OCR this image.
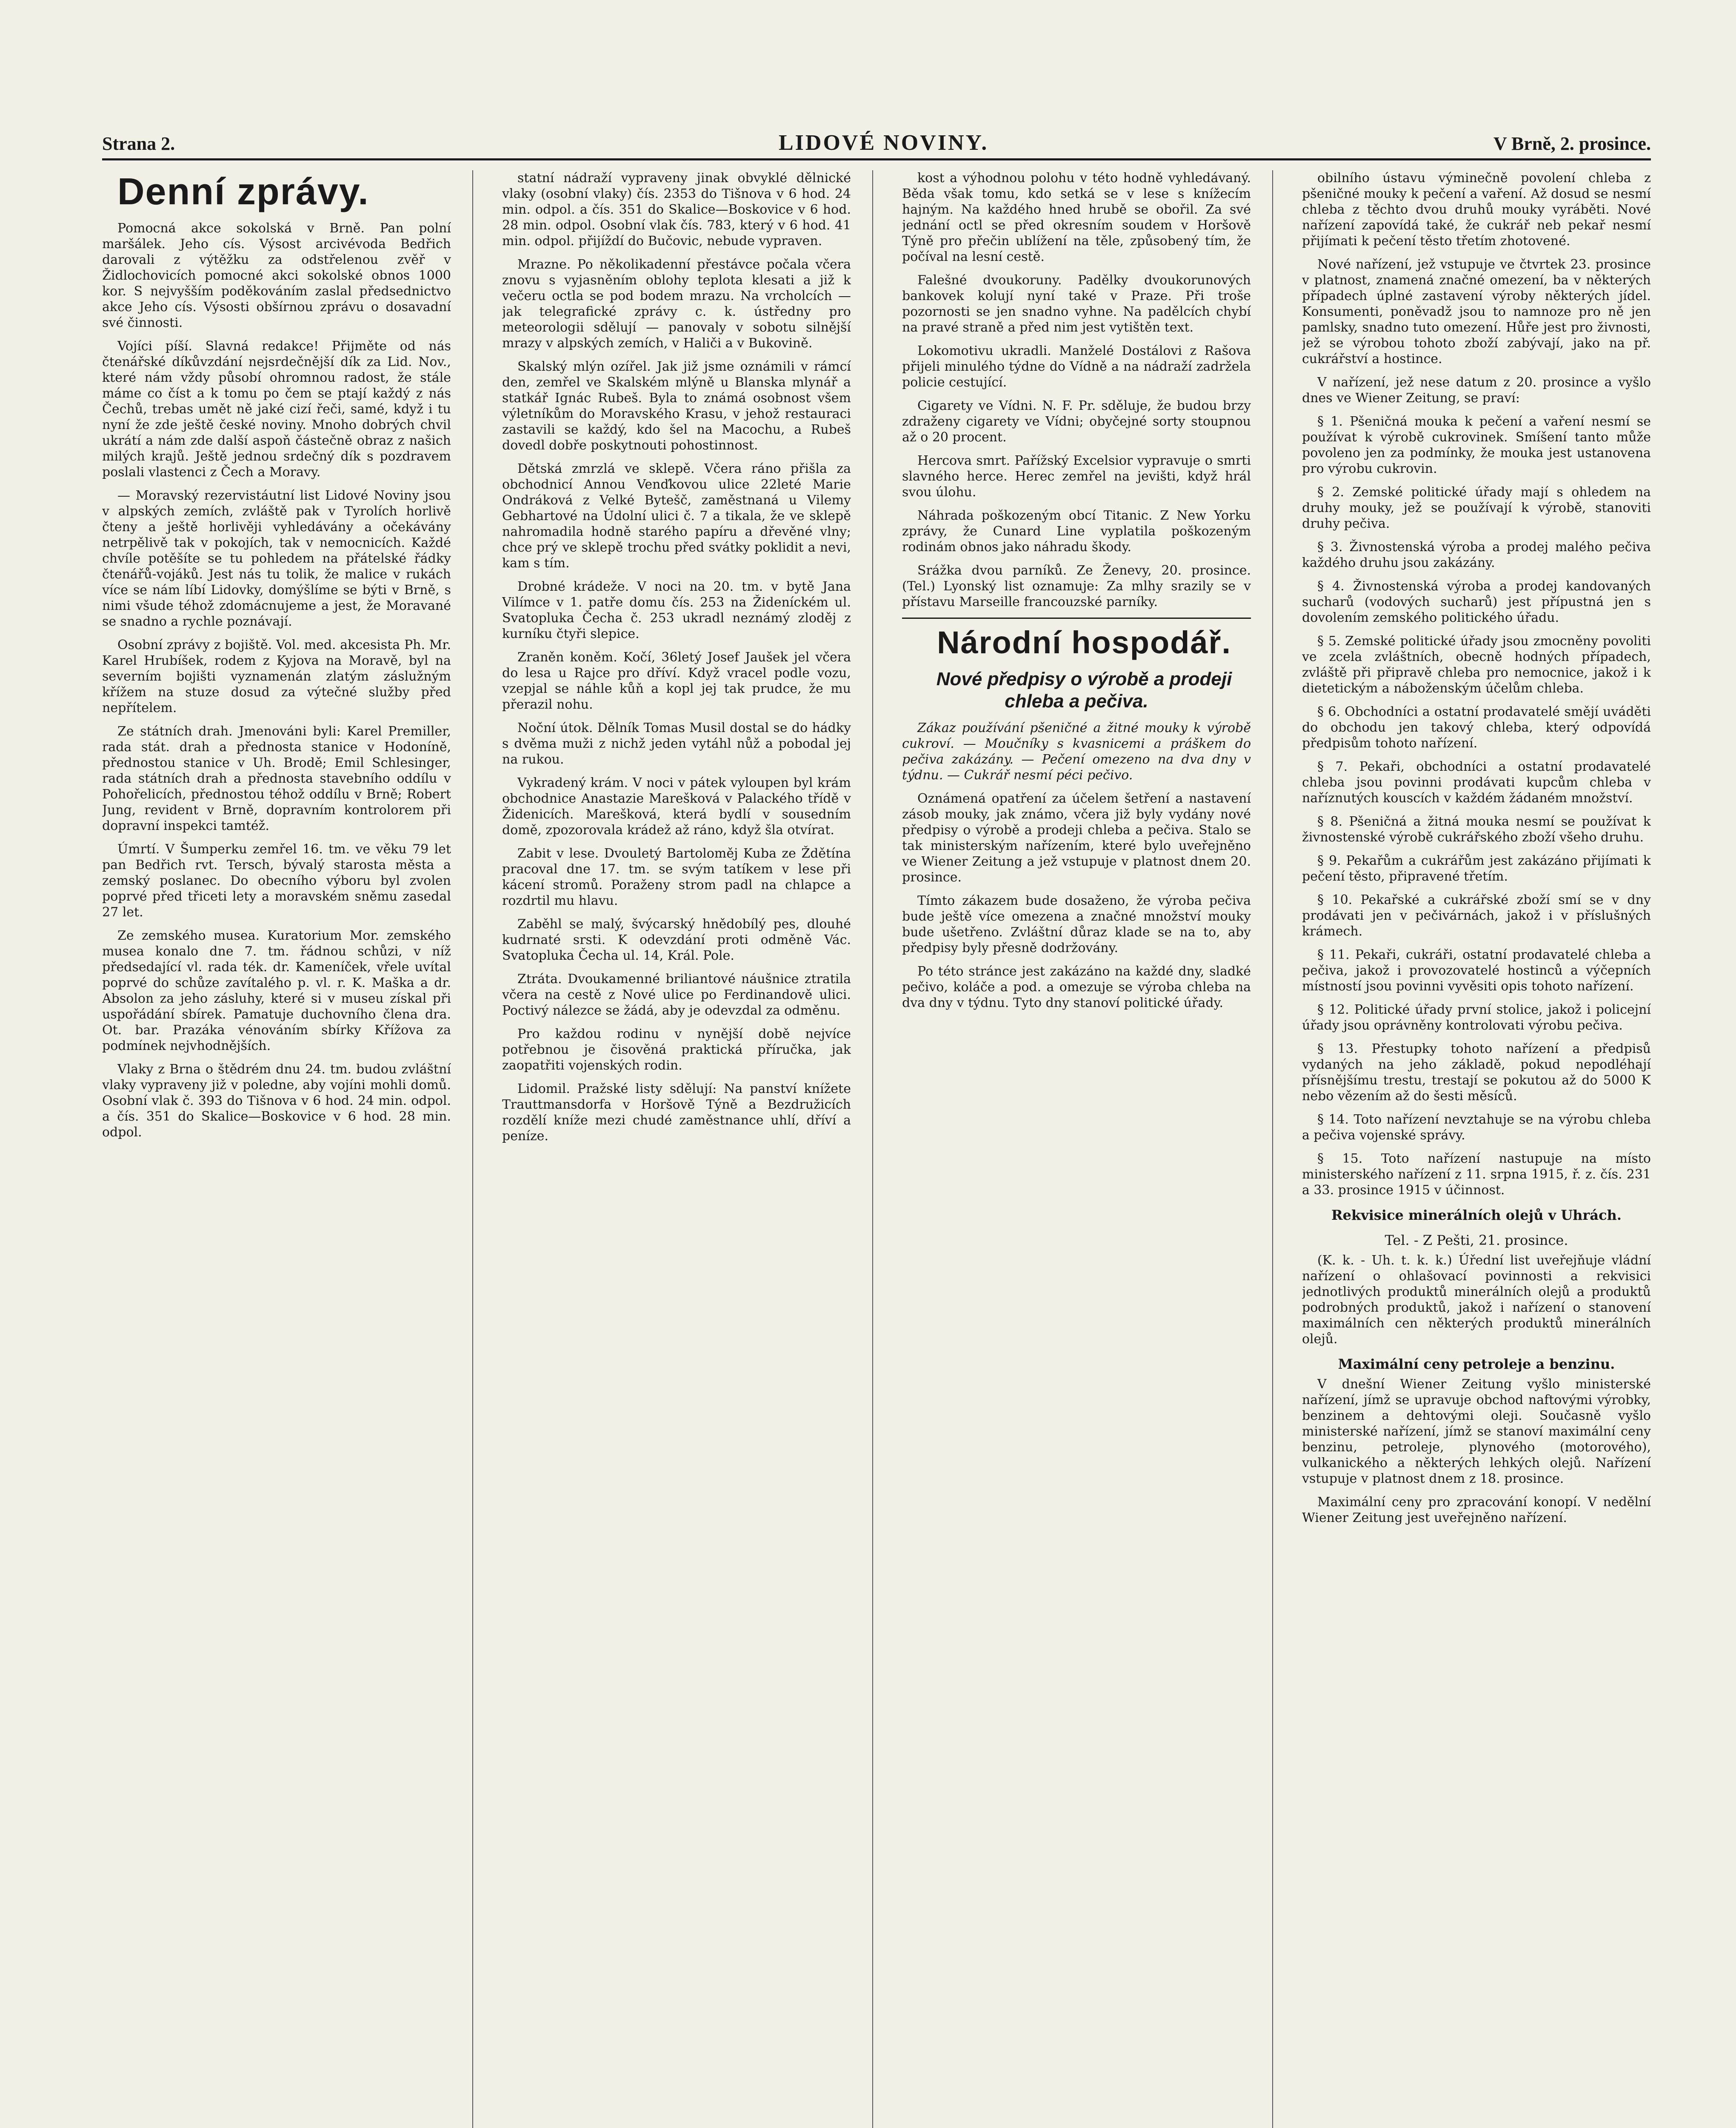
Strana 2.	LIDOVÉ NOVINY.	V Brně, 2. prosince.

Denní zprávy.

Pomocná akce sokolská v Brně. Pan polní maršálek. Jeho cís. Výsost arcivévoda Bedřich darovali z výtěžku za odstřelenou zvěř v Židlochovicích pomocné akci sokolské obnos 1000 kor. S nejvyšším poděkováním zaslal předsednictvo akce Jeho cís. Výsosti obšírnou zprávu o dosavadní své činnosti.

Vojíci píší. Slavná redakce! Přijměte od nás čtenářské díkůvzdání nejsrdečnější dík za Lid. Nov., které nám vždy působí ohromnou radost, že stále máme co číst a k tomu po čem se ptají každý z nás Čechů, trebas umět ně jaké cizí řeči, samé, když i tu nyní že zde ještě české noviny. Mnoho dobrých chvil ukrátí a nám zde další aspoň částečně obraz z našich milých krajů. Ještě jednou srdečný dík s pozdravem poslali vlastenci z Čech a Moravy.

— Moravský rezervistáutní list Lidové Noviny jsou v alpských zemích, zvláště pak v Tyrolích horlivě čteny a ještě horlivěji vyhledávány a očekávány netrpělivě tak v pokojích, tak v nemocnicích. Každé chvíle potěšíte se tu pohledem na přátelské řádky čtenářů-vojáků. Jest nás tu tolik, že malice v rukách více se nám líbí Lidovky, domýšlíme se býti v Brně, s nimi všude téhož zdomácnujeme a jest, že Moravané se snadno a rychle poznávají.

Osobní zprávy z bojiště. Vol. med. akcesista Ph. Mr. Karel Hrubíšek, rodem z Kyjova na Moravě, byl na severním bojišti vyznamenán zlatým záslužným křížem na stuze dosud za výtečné služby před nepřítelem.

Ze státních drah. Jmenováni byli: Karel Premiller, rada stát. drah a přednosta stanice v Hodoníně, přednostou stanice v Uh. Brodě; Emil Schlesinger, rada státních drah a přednosta stavebního oddílu v Pohořelicích, přednostou téhož oddílu v Brně; Robert Jung, revident v Brně, dopravním kontrolorem při dopravní inspekci tamtéž.

Úmrtí. V Šumperku zemřel 16. tm. ve věku 79 let pan Bedřich rvt. Tersch, bývalý starosta města a zemský poslanec. Do obecního výboru byl zvolen poprvé před třiceti lety a moravském sněmu zasedal 27 let.

Ze zemského musea. Kuratorium Mor. zemského musea konalo dne 7. tm. řádnou schůzi, v níž předsedající vl. rada ték. dr. Kameníček, vřele uvítal poprvé do schůze zavítalého p. vl. r. K. Maška a dr. Absolon za jeho zásluhy, které si v museu získal při uspořádání sbírek. Pamatuje duchovního člena dra. Ot. bar. Prazáka vénováním sbírky Křížova za podmínek nejvhodnějších.

Vlaky z Brna o štědrém dnu 24. tm. budou zvláštní vlaky vypraveny již v poledne, aby vojíni mohli domů. Osobní vlak č. 393 do Tišnova v 6 hod. 24 min. odpol. a čís. 351 do Skalice—Boskovice v 6 hod. 28 min. odpol.

statní nádraží vypraveny jinak obvyklé dělnické vlaky (osobní vlaky) čís. 2353 do Tišnova v 6 hod. 24 min. odpol. a čís. 351 do Skalice—Boskovice v 6 hod. 28 min. odpol. Osobní vlak čís. 783, který v 6 hod. 41 min. odpol. přijíždí do Bučovic, nebude vypraven.

Mrazne. Po několikadenní přestávce počala včera znovu s vyjasněním oblohy teplota klesati a již k večeru octla se pod bodem mrazu. Na vrcholcích — jak telegrafické zprávy c. k. ústředny pro meteorologii sdělují — panovaly v sobotu silnější mrazy v alpských zemích, v Haliči a v Bukovině.

Skalský mlýn ozířel. Jak již jsme oznámili v rámcí den, zemřel ve Skalském mlýně u Blanska mlynář a statkář Ignác Rubeš. Byla to známá osobnost všem výletníkům do Moravského Krasu, v jehož restauraci zastavili se každý, kdo šel na Macochu, a Rubeš dovedl dobře poskytnouti pohostinnost.

Dětská zmrzlá ve sklepě. Včera ráno přišla za obchodnicí Annou Venďkovou ulice 22leté Marie Ondráková z Velké Bytešč, zaměstnaná u Vilemy Gebhartové na Údolní ulici č. 7 a tikala, že ve sklepě nahromadila hodně starého papíru a dřevěné vlny; chce prý ve sklepě trochu před svátky poklidit a nevi, kam s tím.

Drobné krádeže. V noci na 20. tm. v bytě Jana Vilímce v 1. patře domu čís. 253 na Žideníckém ul. Svatopluka Čecha č. 253 ukradl neznámý zloděj z kurníku čtyři slepice.

Zraněn koněm. Kočí, 36letý Josef Jaušek jel včera do lesa u Rajce pro dříví. Když vracel podle vozu, vzepjal se náhle kůň a kopl jej tak prudce, že mu přerazil nohu.

Noční útok. Dělník Tomas Musil dostal se do hádky s dvěma muži z nichž jeden vytáhl nůž a pobodal jej na rukou.

Vykradený krám. V noci v pátek vyloupen byl krám obchodnice Anastazie Marešková v Palackého třídě v Židenicích. Marešková, která bydlí v sousedním domě, zpozorovala krádež až ráno, když šla otvírat.

Zabit v lese. Dvouletý Bartoloměj Kuba ze Ždětína pracoval dne 17. tm. se svým tatíkem v lese při kácení stromů. Poraženy strom padl na chlapce a rozdrtil mu hlavu.

Zaběhl se malý, švýcarský hnědobílý pes, dlouhé kudrnaté srsti. K odevzdání proti odměně Vác. Svatopluka Čecha ul. 14, Král. Pole.

Ztráta. Dvoukamenné briliantové náušnice ztratila včera na cestě z Nové ulice po Ferdinandově ulici. Poctivý nálezce se žádá, aby je odevzdal za odměnu.

Pro každou rodinu v nynější době nejvíce potřebnou je čisověná praktická příručka, jak zaopatřiti vojenských rodin.

Lidomil. Pražské listy sdělují: Na panství knížete Trauttmansdorfa v Horšově Týně a Bezdružicích rozdělí kníže mezi chudé zaměstnance uhlí, dříví a peníze.

kost a výhodnou polohu v této hodně vyhledávaný. Běda však tomu, kdo setká se v lese s knížecím hajným. Na každého hned hrubě se obořil. Za své jednání octl se před okresním soudem v Horšově Týně pro přečin ublížení na těle, způsobený tím, že počíval na lesní cestě.

Falešné dvoukoruny. Padělky dvoukorunových bankovek kolují nyní také v Praze. Při troše pozornosti se jen snadno vyhne. Na padělcích chybí na pravé straně a před nim jest vytištěn text.

Lokomotivu ukradli. Manželé Dostálovi z Rašova přijeli minulého týdne do Vídně a na nádraží zadržela policie cestující.

Cigarety ve Vídni. N. F. Pr. sděluje, že budou brzy zdraženy cigarety ve Vídni; obyčejné sorty stoupnou až o 20 procent.

Hercova smrt. Pařížský Excelsior vypravuje o smrti slavného herce. Herec zemřel na jevišti, když hrál svou úlohu.

Náhrada poškozeným obcí Titanic. Z New Yorku zprávy, že Cunard Line vyplatila poškozeným rodinám obnos jako náhradu škody.

Srážka dvou parníků. Ze Ženevy, 20. prosince. (Tel.) Lyonský list oznamuje: Za mlhy srazily se v přístavu Marseille francouzské parníky.

Národní hospodář.

Nové předpisy o výrobě a prodeji chleba a pečiva.

Zákaz používání pšeničné a žitné mouky k výrobě cukroví. — Moučníky s kvasnicemi a práškem do pečiva zakázány. — Pečení omezeno na dva dny v týdnu. — Cukrář nesmí péci pečivo.

Oznámená opatření za účelem šetření a nastavení zásob mouky, jak známo, včera již byly vydány nové předpisy o výrobě a prodeji chleba a pečiva. Stalo se tak ministerským nařízením, které bylo uveřejněno ve Wiener Zeitung a jež vstupuje v platnost dnem 20. prosince.

Tímto zákazem bude dosaženo, že výroba pečiva bude ještě více omezena a značné množství mouky bude ušetřeno. Zvláštní důraz klade se na to, aby předpisy byly přesně dodržovány.

Po této stránce jest zakázáno na každé dny, sladké pečivo, koláče a pod. a omezuje se výroba chleba na dva dny v týdnu. Tyto dny stanoví politické úřady.

obilního ústavu výminečně povolení chleba z pšeničné mouky k pečení a vaření. Až dosud se nesmí chleba z těchto dvou druhů mouky vyráběti. Nové nařízení zapovídá také, že cukrář neb pekař nesmí přijímati k pečení těsto třetím zhotovené.

Nové nařízení, jež vstupuje ve čtvrtek 23. prosince v platnost, znamená značné omezení, ba v některých případech úplné zastavení výroby některých jídel. Konsumenti, poněvadž jsou to namnoze pro ně jen pamlsky, snadno tuto omezení. Hůře jest pro živnosti, jež se výrobou tohoto zboží zabývají, jako na př. cukrářství a hostince.

V nařízení, jež nese datum z 20. prosince a vyšlo dnes ve Wiener Zeitung, se praví:

§ 1. Pšeničná mouka k pečení a vaření nesmí se používat k výrobě cukrovinek. Smíšení tanto může povoleno jen za podmínky, že mouka jest ustanovena pro výrobu cukrovin.

§ 2. Zemské politické úřady mají s ohledem na druhy mouky, jež se používají k výrobě, stanoviti druhy pečiva.

§ 3. Živnostenská výroba a prodej malého pečiva každého druhu jsou zakázány.

§ 4. Živnostenská výroba a prodej kandovaných sucharů (vodových sucharů) jest přípustná jen s dovolením zemského politického úřadu.

§ 5. Zemské politické úřady jsou zmocněny povoliti ve zcela zvláštních, obecně hodných případech, zvláště při připravě chleba pro nemocnice, jakož i k dietetickým a náboženským účelům chleba.

§ 6. Obchodníci a ostatní prodavatelé smějí uváděti do obchodu jen takový chleba, který odpovídá předpisům tohoto nařízení.

§ 7. Pekaři, obchodníci a ostatní prodavatelé chleba jsou povinni prodávati kupcům chleba v naříznutých kouscích v každém žádaném množství.

§ 8. Pšeničná a žitná mouka nesmí se používat k živnostenské výrobě cukrářského zboží všeho druhu.

§ 9. Pekařům a cukrářům jest zakázáno přijímati k pečení těsto, připravené třetím.

§ 10. Pekařské a cukrářské zboží smí se v dny prodávati jen v pečivárnách, jakož i v příslušných krámech.

§ 11. Pekaři, cukráři, ostatní prodavatelé chleba a pečiva, jakož i provozovatelé hostinců a výčepních místností jsou povinni vyvěsiti opis tohoto nařízení.

§ 12. Politické úřady první stolice, jakož i policejní úřady jsou oprávněny kontrolovati výrobu pečiva.

§ 13. Přestupky tohoto nařízení a předpisů vydaných na jeho základě, pokud nepodléhají přísnějšímu trestu, trestají se pokutou až do 5000 K nebo vězením až do šesti měsíců.

§ 14. Toto nařízení nevztahuje se na výrobu chleba a pečiva vojenské správy.

§ 15. Toto nařízení nastupuje na místo ministerského nařízení z 11. srpna 1915, ř. z. čís. 231 a 33. prosince 1915 v účinnost.

Rekvisice minerálních olejů v Uhrách.

Tel. - Z Pešti, 21. prosince.

(K. k. - Uh. t. k. k.) Úřední list uveřejňuje vládní nařízení o ohlašovací povinnosti a rekvisici jednotlivých produktů minerálních olejů a produktů podrobných produktů, jakož i nařízení o stanovení maximálních cen některých produktů minerálních olejů.

Maximální ceny petroleje a benzinu.

V dnešní Wiener Zeitung vyšlo ministerské nařízení, jímž se upravuje obchod naftovými výrobky, benzinem a dehtovými oleji. Současně vyšlo ministerské nařízení, jímž se stanoví maximální ceny benzinu, petroleje, plynového (motorového), vulkanického a některých lehkých olejů. Nařízení vstupuje v platnost dnem z 18. prosince.

Maximální ceny pro zpracování konopí. V nedělní Wiener Zeitung jest uveřejněno nařízení.
